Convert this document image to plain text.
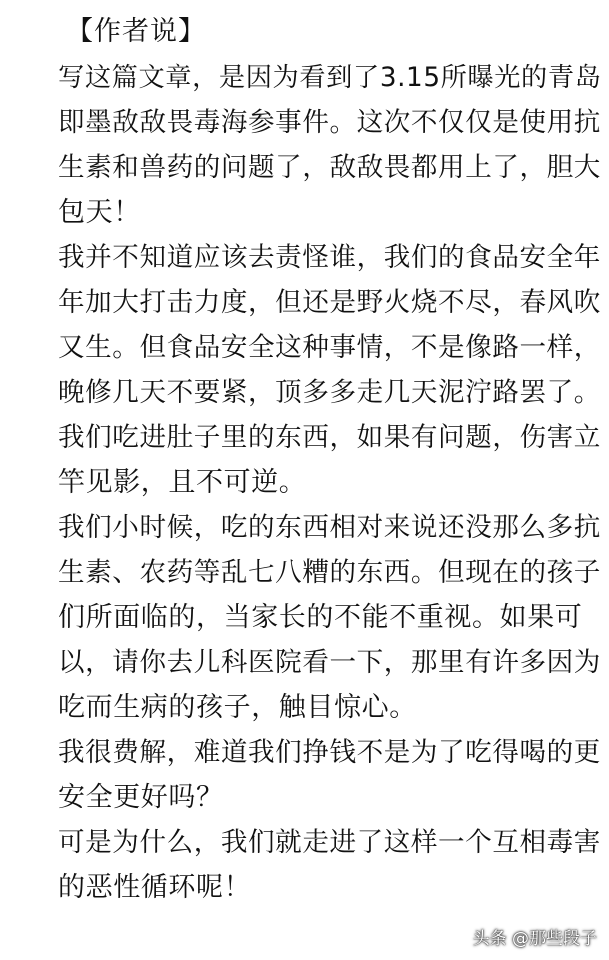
【作者说】
写这篇文章，是因为看到了3.15所曝光的青岛
即墨敌敌畏毒海参事件。这次不仅仅是使用抗
生素和兽药的问题了，敌敌畏都用上了，胆大
包天！
我并不知道应该去责怪谁，我们的食品安全年
年加大打击力度，但还是野火烧不尽，春风吹
又生。但食品安全这种事情，不是像路一样，
晚修几天不要紧，顶多多走几天泥泞路罢了。
我们吃进肚子里的东西，如果有问题，伤害立
竿见影，且不可逆。
我们小时候，吃的东西相对来说还没那么多抗
生素、农药等乱七八糟的东西。但现在的孩子
们所面临的，当家长的不能不重视。如果可
以，请你去儿科医院看一下，那里有许多因为
吃而生病的孩子，触目惊心。
我很费解，难道我们挣钱不是为了吃得喝的更
安全更好吗？
可是为什么，我们就走进了这样一个互相毒害
的恶性循环呢！
头条 @那些段子
